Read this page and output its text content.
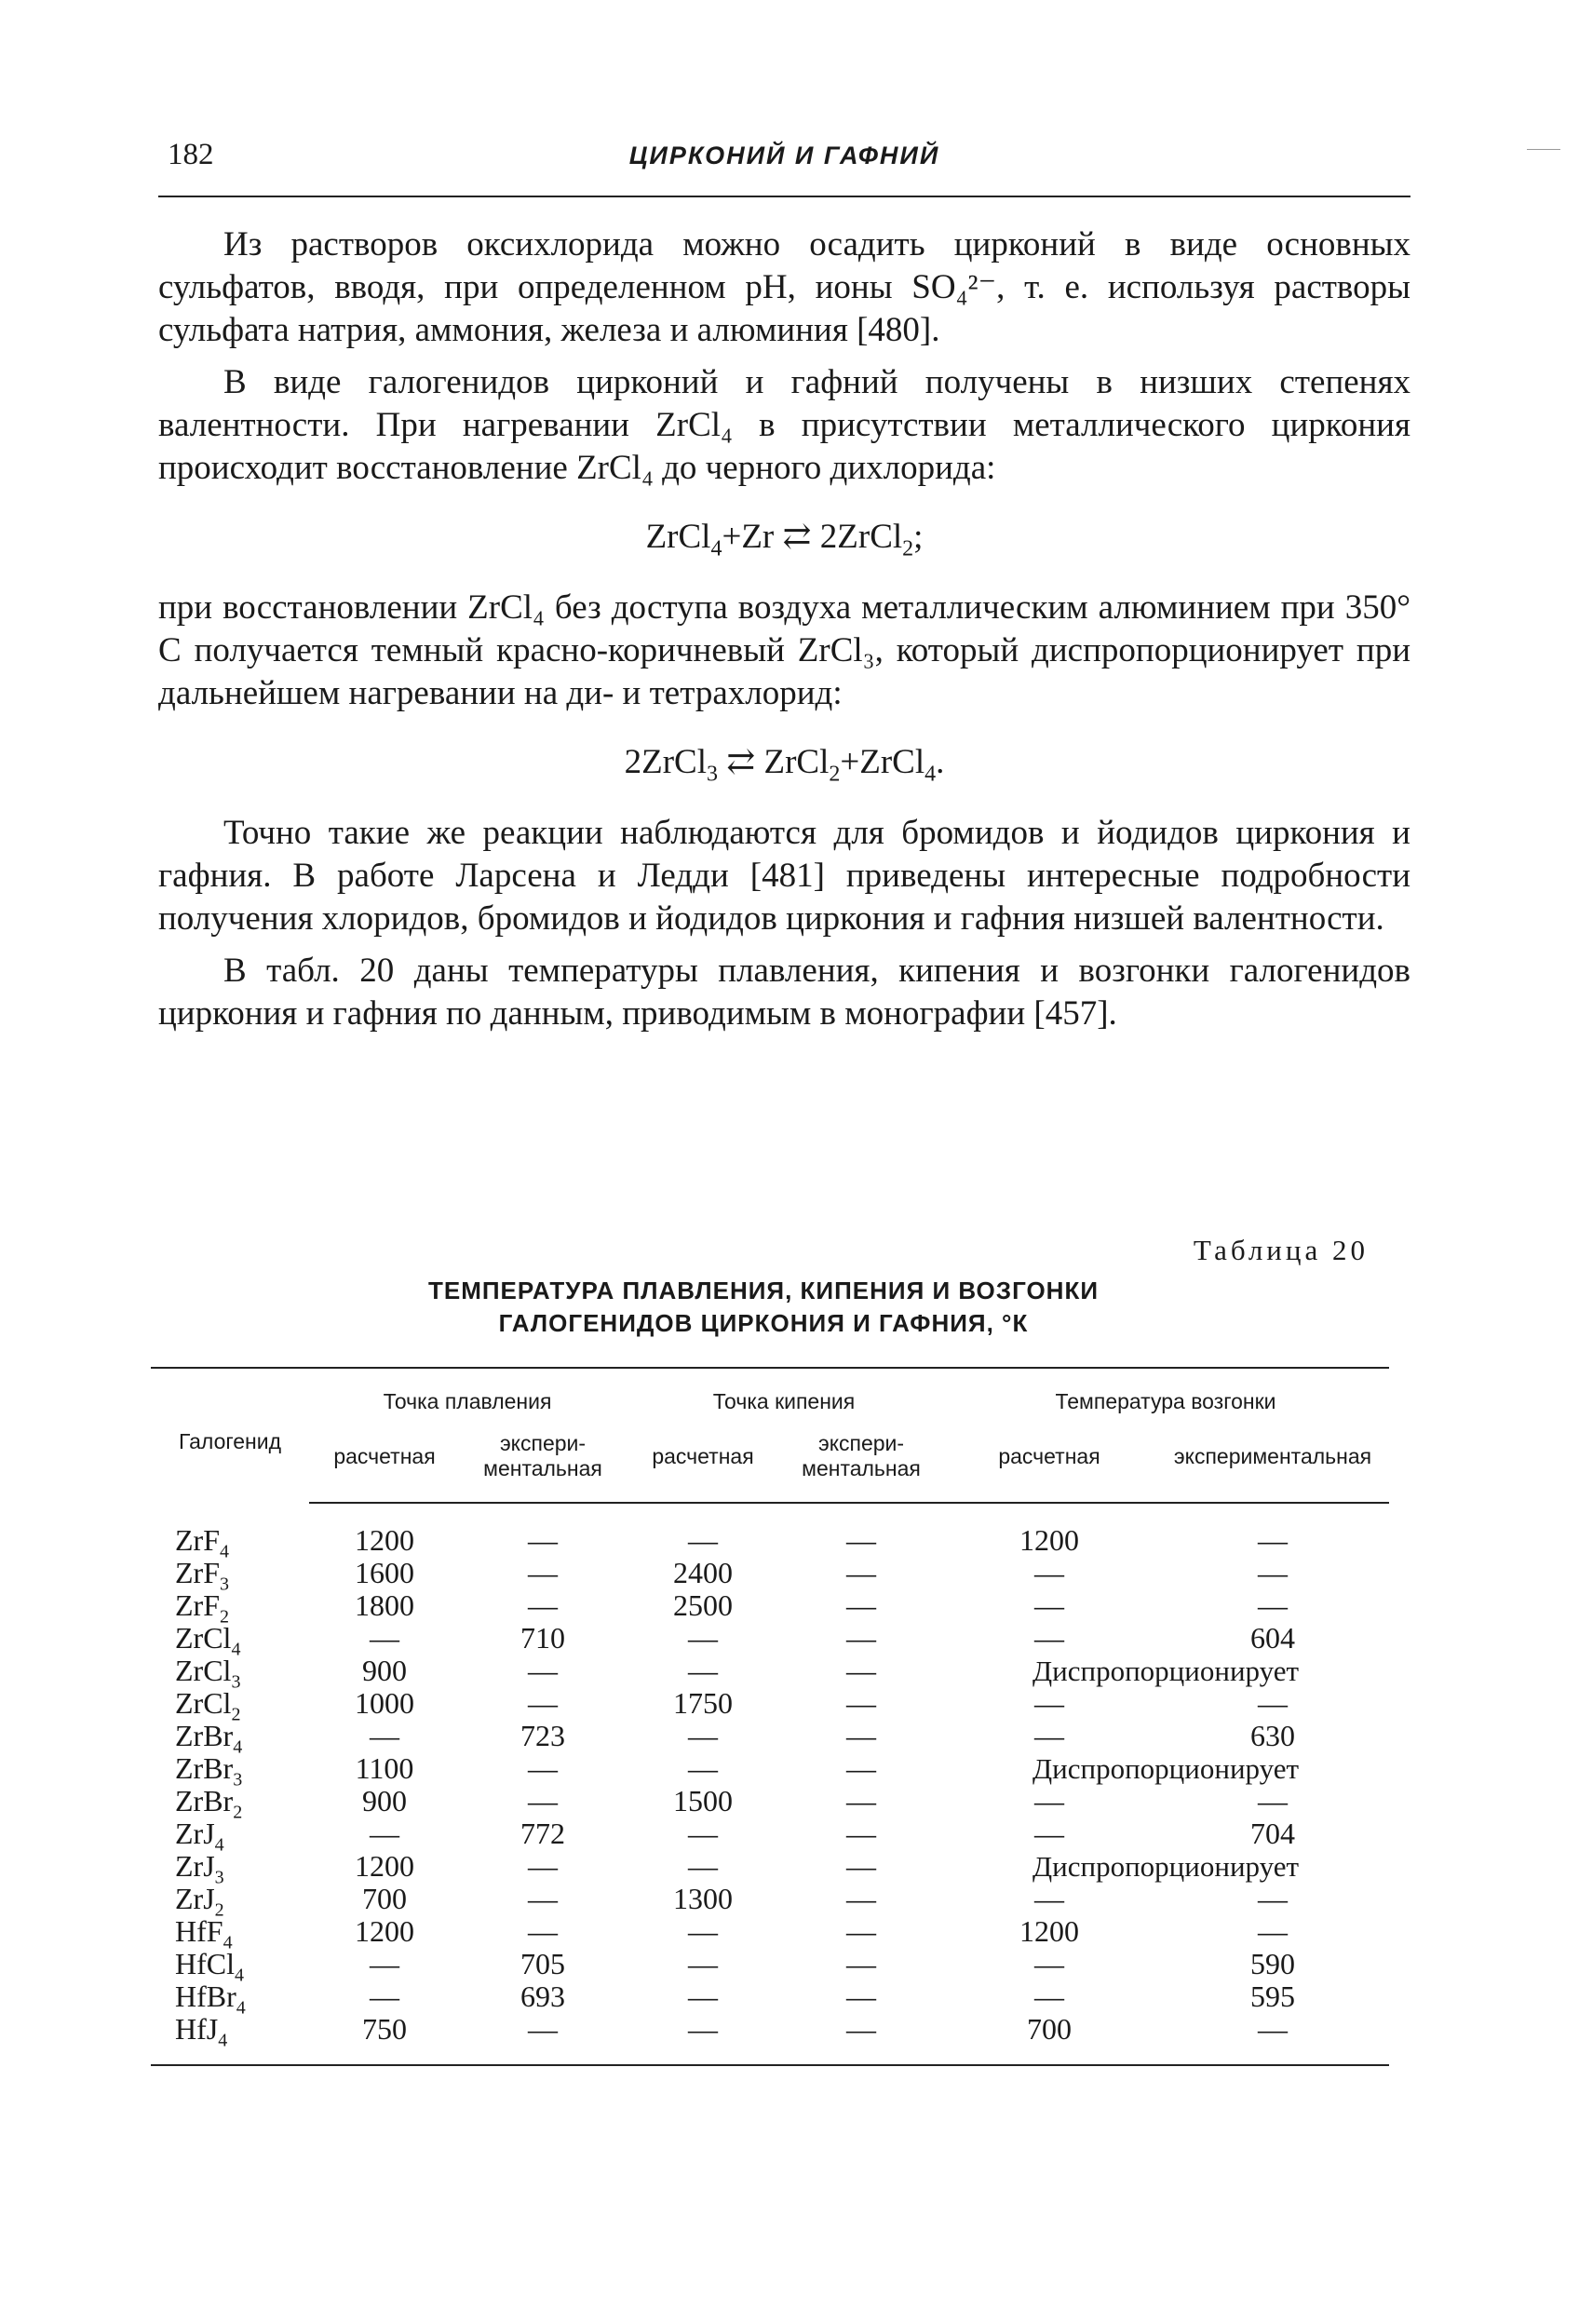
182	ЦИРКОНИЙ И ГАФНИЙ

Из растворов оксихлорида можно осадить цирконий в виде основных сульфатов, вводя, при определенном pH, ионы SO₄²⁻, т. е. используя растворы сульфата натрия, аммония, железа и алюминия [480].

В виде галогенидов цирконий и гафний получены в низших степенях валентности. При нагревании ZrCl₄ в присутствии металлического циркония происходит восстановление ZrCl₄ до черного дихлорида:

ZrCl$_4$+Zr ⇄ 2ZrCl$_2$;

при восстановлении ZrCl₄ без доступа воздуха металлическим алюминием при 350° С получается темный красно-коричневый ZrCl₃, который диспропорционирует при дальнейшем нагревании на ди- и тетрахлорид:

2ZrCl$_3$ ⇄ ZrCl$_2$+ZrCl$_4$.

Точно такие же реакции наблюдаются для бромидов и йодидов циркония и гафния. В работе Ларсена и Ледди [481] приведены интересные подробности получения хлоридов, бромидов и йодидов циркония и гафния низшей валентности.

В табл. 20 даны температуры плавления, кипения и возгонки галогенидов циркония и гафния по данным, приводимым в монографии [457].

Таблица 20
ТЕМПЕРАТУРА ПЛАВЛЕНИЯ, КИПЕНИЯ И ВОЗГОНКИ
ГАЛОГЕНИДОВ ЦИРКОНИЯ И ГАФНИЯ, °К
Галогенид	Точка плавления		Точка кипения		Температура возгонки	
	расчетная	экспериментальная	расчетная	экспериментальная	расчетная	экспериментальная
ZrF$_4$	1200	—	—	—	1200	—
ZrF$_3$	1600	—	2400	—	—	—
ZrF$_2$	1800	—	2500	—	—	—
ZrCl$_4$	—	710	—	—	—	604
ZrCl$_3$	900	—	—	—	Диспропорционирует	
ZrCl$_2$	1000	—	1750	—	—	—
ZrBr$_4$	—	723	—	—	—	630
ZrBr$_3$	1100	—	—	—	Диспропорционирует	
ZrBr$_2$	900	—	1500	—	—	—
ZrJ$_4$	—	772	—	—	—	704
ZrJ$_3$	1200	—	—	—	Диспропорционирует	
ZrJ$_2$	700	—	1300	—	—	—
HfF$_4$	1200	—	—	—	1200	—
HfCl$_4$	—	705	—	—	—	590
HfBr$_4$	—	693	—	—	—	595
HfJ$_4$	750	—	—	—	700	—
